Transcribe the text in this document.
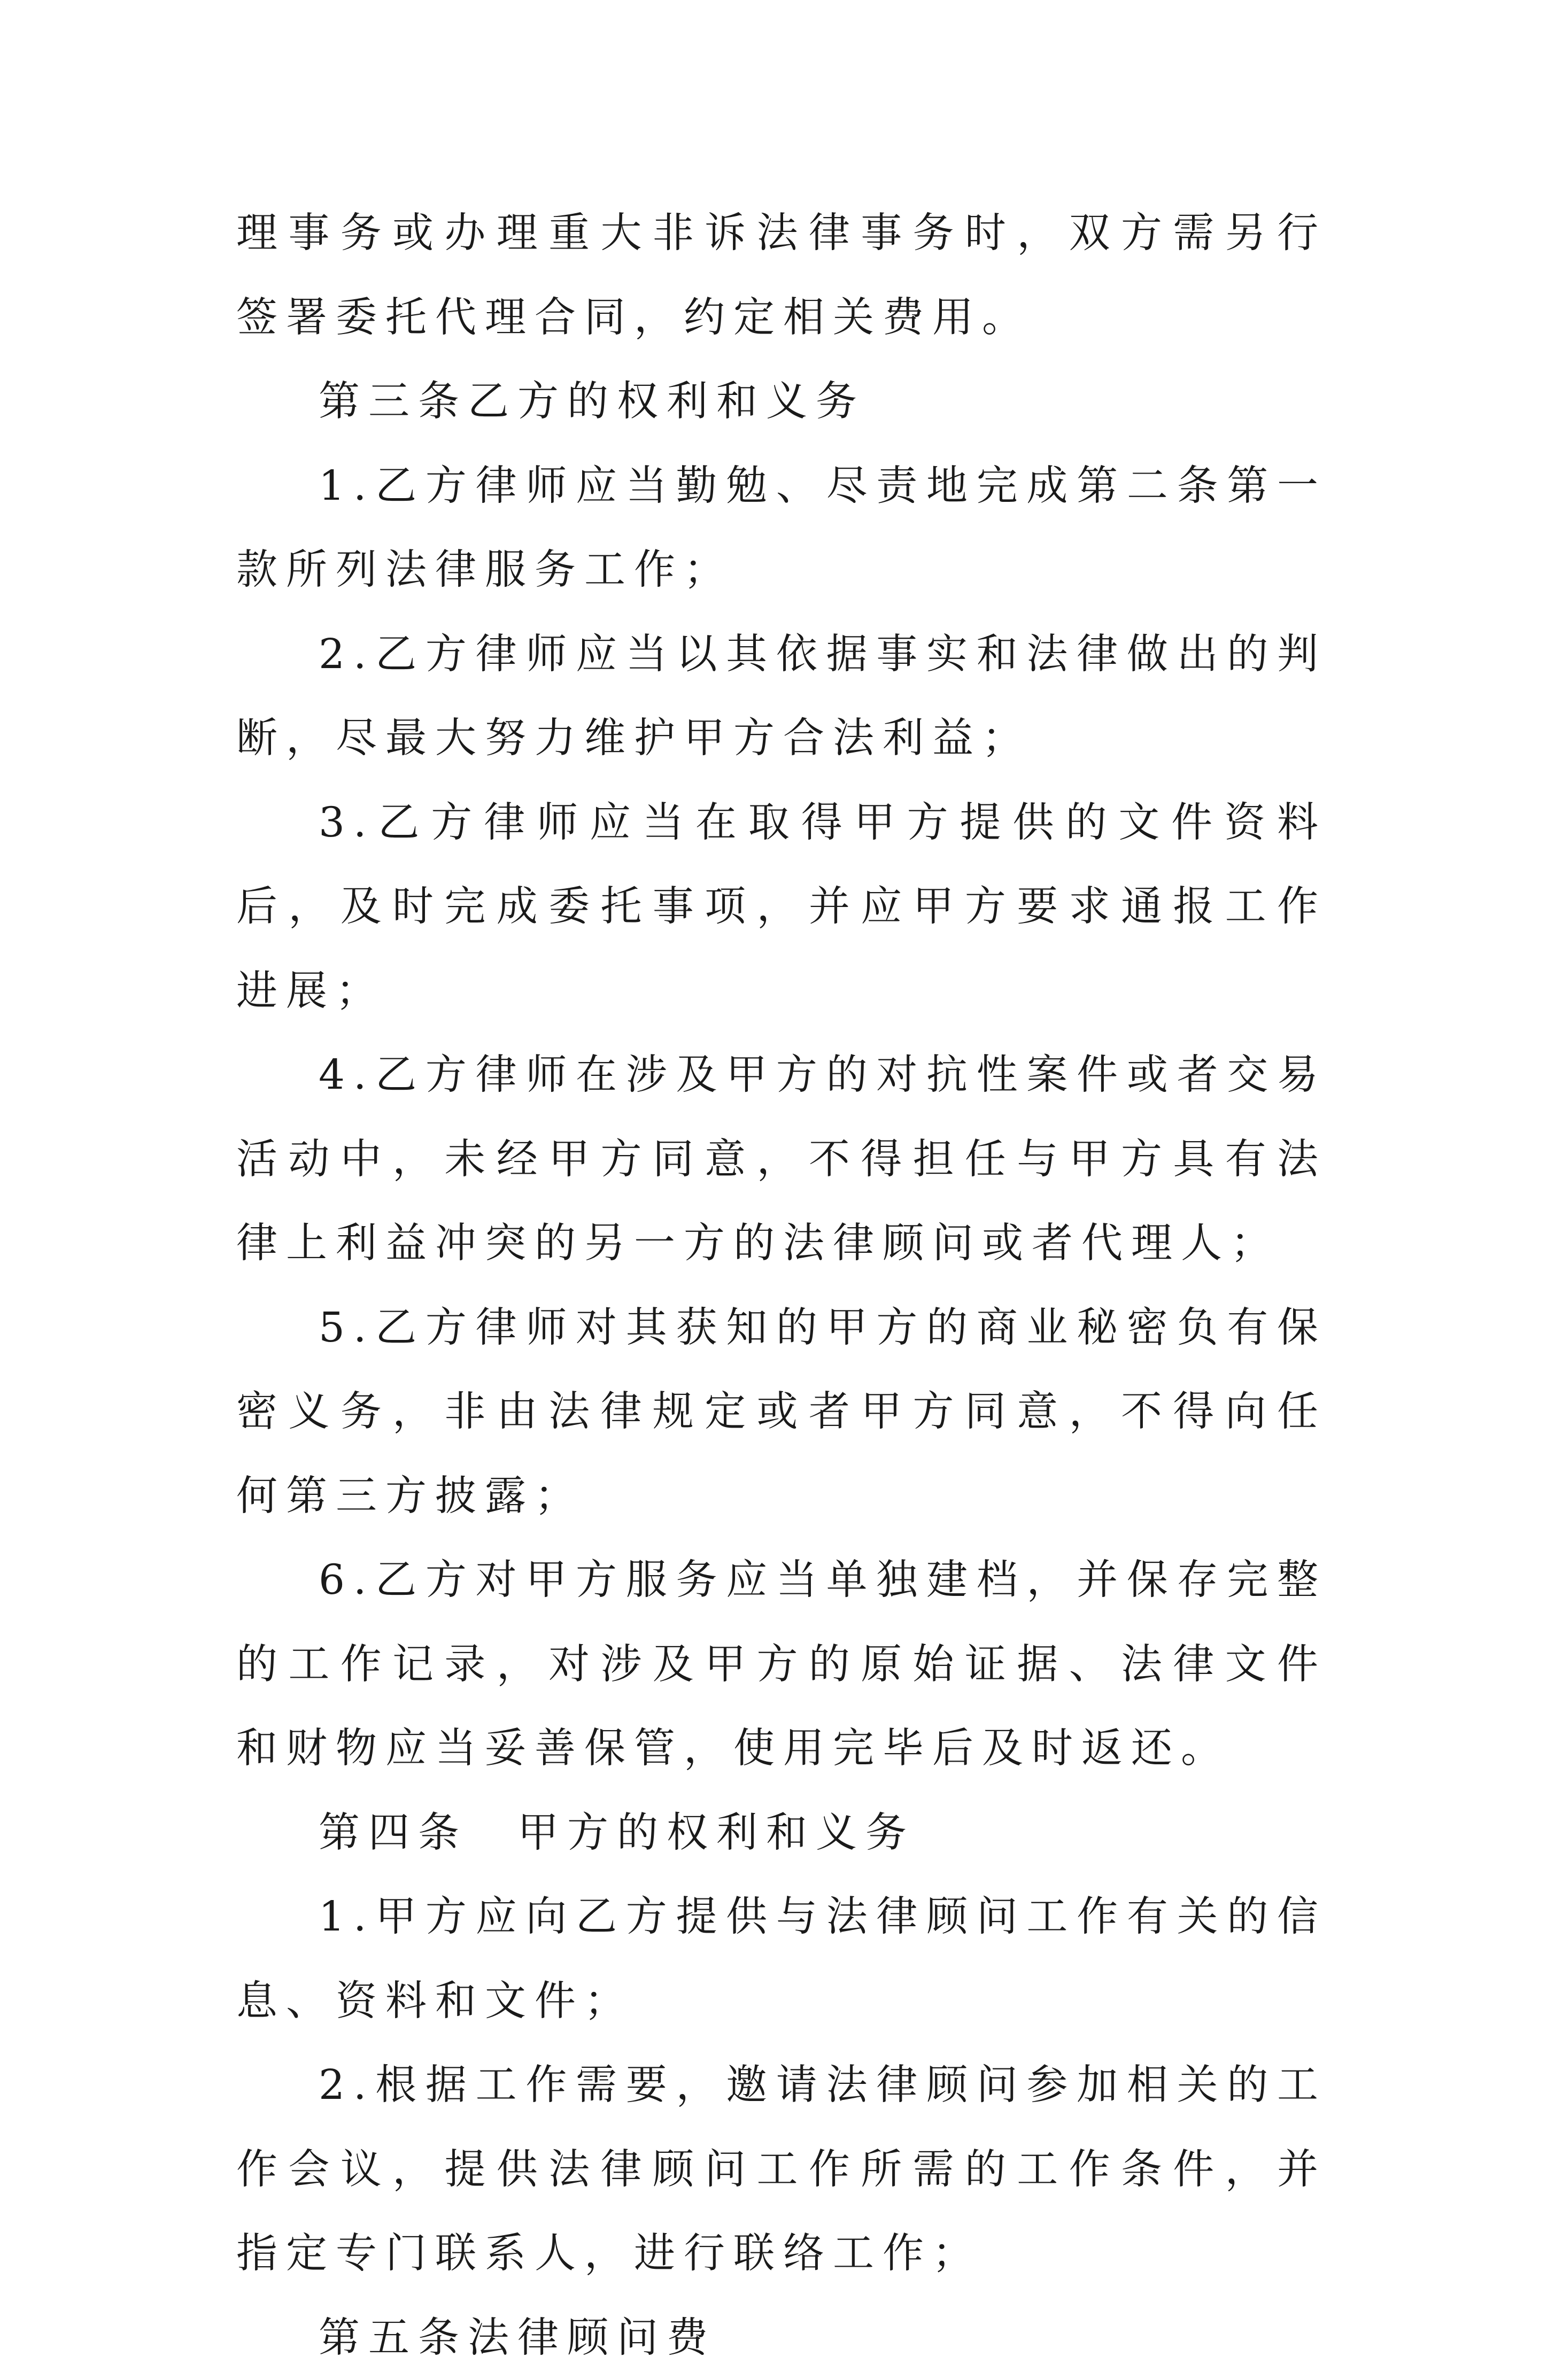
理事务或办理重大非诉法律事务时，双方需另行签署委托代理合同，约定相关费用。

第三条乙方的权利和义务

1.乙方律师应当勤勉、尽责地完成第二条第一款所列法律服务工作；

2.乙方律师应当以其依据事实和法律做出的判断，尽最大努力维护甲方合法利益；

3.乙方律师应当在取得甲方提供的文件资料后，及时完成委托事项，并应甲方要求通报工作进展；

4.乙方律师在涉及甲方的对抗性案件或者交易活动中，未经甲方同意，不得担任与甲方具有法律上利益冲突的另一方的法律顾问或者代理人；

5.乙方律师对其获知的甲方的商业秘密负有保密义务，非由法律规定或者甲方同意，不得向任何第三方披露；

6.乙方对甲方服务应当单独建档，并保存完整的工作记录，对涉及甲方的原始证据、法律文件和财物应当妥善保管，使用完毕后及时返还。

第四条　甲方的权利和义务

1.甲方应向乙方提供与法律顾问工作有关的信息、资料和文件；

2.根据工作需要，邀请法律顾问参加相关的工作会议，提供法律顾问工作所需的工作条件，并指定专门联系人，进行联络工作；

第五条法律顾问费
